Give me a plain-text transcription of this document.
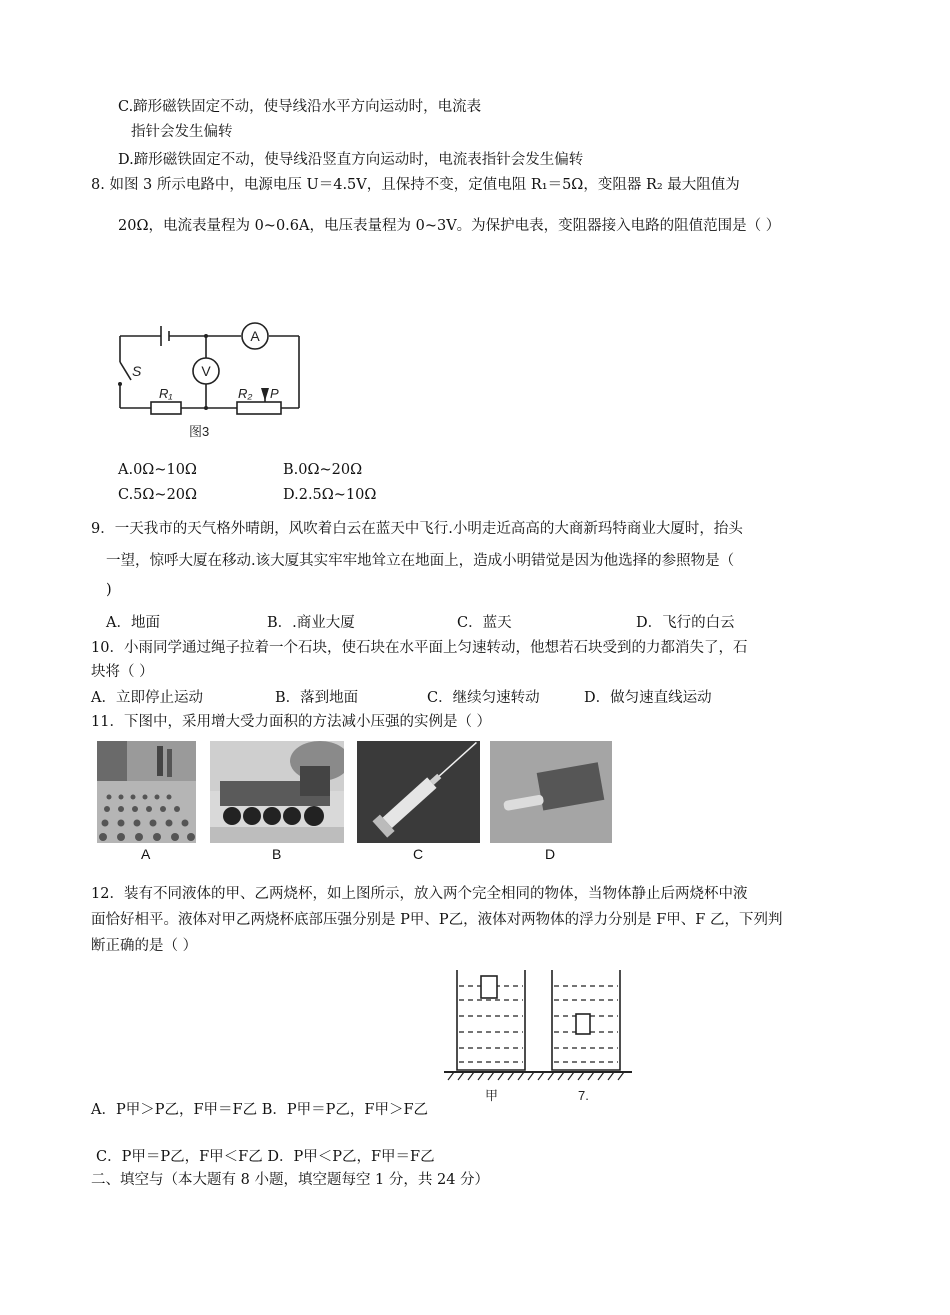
C.蹄形磁铁固定不动，使导线沿水平方向运动时，电流表
指针会发生偏转
D.蹄形磁铁固定不动，使导线沿竖直方向运动时，电流表指针会发生偏转
8. 如图 3 所示电路中，电源电压 U＝4.5V，且保持不变，定值电阻 R₁＝5Ω，变阻器 R₂ 最大阻值为
20Ω，电流表量程为 0~0.6A，电压表量程为 0~3V。为保护电表，变阻器接入电路的阻值范围是（ ）
A
V
S
R₁	R₂ P
图3
A.0Ω~10Ω	B.0Ω~20Ω
C.5Ω~20Ω	D.2.5Ω~10Ω
9．一天我市的天气格外晴朗，风吹着白云在蓝天中飞行.小明走近高高的大商新玛特商业大厦时，抬头
一望，惊呼大厦在移动.该大厦其实牢牢地耸立在地面上，造成小明错觉是因为他选择的参照物是（
)
A．地面	B．.商业大厦	C．蓝天	D．飞行的白云
10．小雨同学通过绳子拉着一个石块，使石块在水平面上匀速转动，他想若石块受到的力都消失了，石
块将（ ）
A．立即停止运动	B．落到地面	C．继续匀速转动	D．做匀速直线运动
11．下图中，采用增大受力面积的方法减小压强的实例是（ ）
A	B	C	D
12．装有不同液体的甲、乙两烧杯，如上图所示，放入两个完全相同的物体，当物体静止后两烧杯中液
面恰好相平。液体对甲乙两烧杯底部压强分别是 P甲、P乙，液体对两物体的浮力分别是 F甲、F 乙，下列判
断正确的是（ ）
甲	7.
A．P甲＞P乙，F甲＝F乙 B．P甲＝P乙，F甲＞F乙
C．P甲＝P乙，F甲＜F乙 D．P甲＜P乙，F甲＝F乙
二、填空与（本大题有 8 小题，填空题每空 1 分，共 24 分）
